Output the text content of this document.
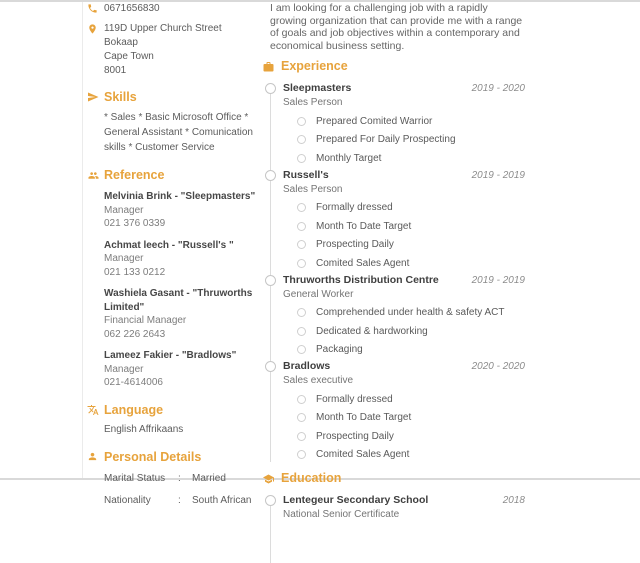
0671656830
119D Upper Church Street
Bokaap
Cape Town
8001
Skills
* Sales * Basic Microsoft Office * General Assistant * Comunication skills * Customer Service
Reference
Melvinia Brink - "Sleepmasters"
Manager
021 376 0339
Achmat leech - "Russell's "
Manager
021 133 0212
Washiela Gasant - "Thruworths Limited"
Financial Manager
062 226 2643
Lameez Fakier - "Bradlows"
Manager
021-4614006
Language
English Affrikaans
Personal Details
Marital Status	:	Married
Nationality	:	South African
I am looking for a challenging job with a rapidly growing organization that can provide me with a range of goals and job objectives within a contemporary and economical business setting.
Experience
Sleepmasters	2019 - 2020
Sales Person
Prepared Comited Warrior
Prepared For Daily Prospecting
Monthly Target
Russell's	2019 - 2019
Sales Person
Formally dressed
Month To Date Target
Prospecting Daily
Comited Sales Agent
Thruworths Distribution Centre	2019 - 2019
General Worker
Comprehended under health & safety ACT
Dedicated & hardworking
Packaging
Bradlows	2020 - 2020
Sales executive
Formally dressed
Month To Date Target
Prospecting Daily
Comited Sales Agent
Education
Lentegeur Secondary School	2018
National Senior Certificate
